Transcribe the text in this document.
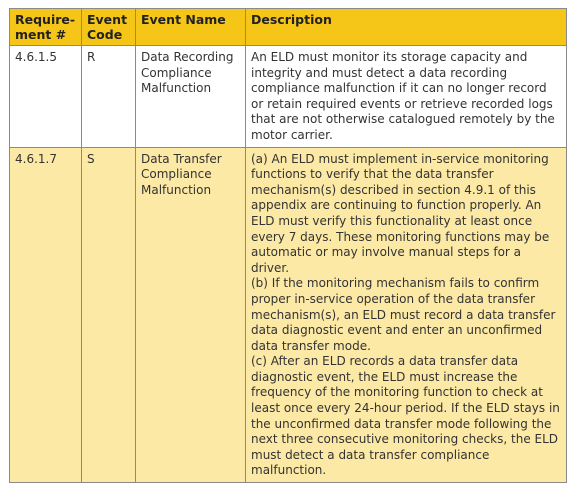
Require-ment #	Event Code	Event Name	Description
4.6.1.5	R	Data Recording Compliance Malfunction	An ELD must monitor its storage capacity and integrity and must detect a data recording compliance malfunction if it can no longer record or retain required events or retrieve recorded logs that are not otherwise catalogued remotely by the motor carrier.

4.6.1.7	S	Data Transfer Compliance Malfunction	(a) An ELD must implement in-service monitoring functions to verify that the data transfer mechanism(s) described in section 4.9.1 of this appendix are continuing to function properly. An ELD must verify this functionality at least once every 7 days. These monitoring functions may be automatic or may involve manual steps for a driver.
(b) If the monitoring mechanism fails to confirm proper in-service operation of the data transfer mechanism(s), an ELD must record a data transfer data diagnostic event and enter an unconfirmed data transfer mode.
(c) After an ELD records a data transfer data diagnostic event, the ELD must increase the frequency of the monitoring function to check at least once every 24-hour period. If the ELD stays in the unconfirmed data transfer mode following the next three consecutive monitoring checks, the ELD must detect a data transfer compliance malfunction.
